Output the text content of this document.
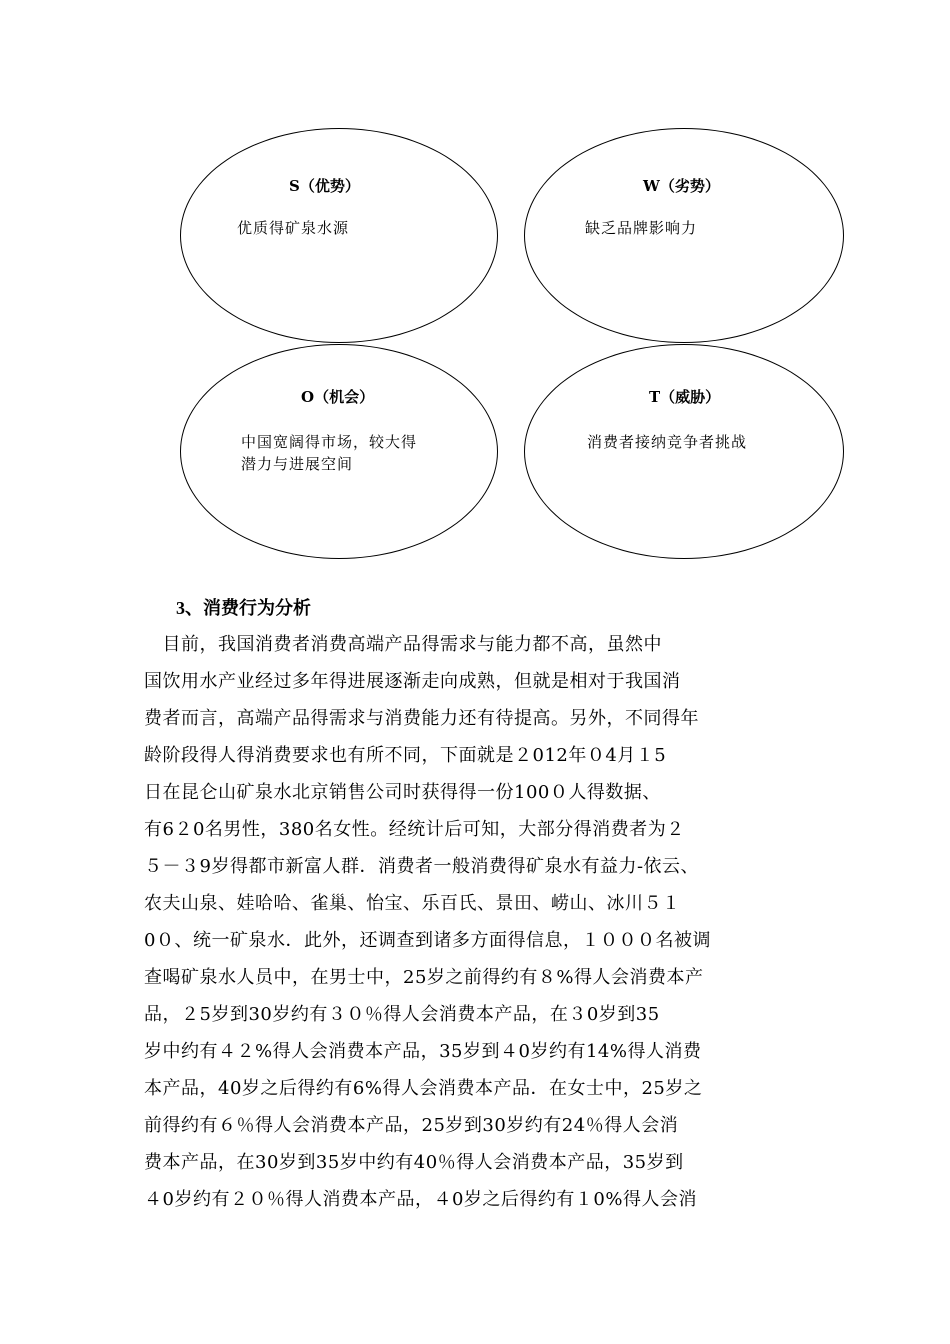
S（优势）
优质得矿泉水源
W（劣势）
缺乏品牌影响力
O（机会）
中国宽阔得市场，较大得
潜力与进展空间
T（威胁）
消费者接纳竞争者挑战
3、消费行为分析
　目前，我国消费者消费高端产品得需求与能力都不高，虽然中
国饮用水产业经过多年得进展逐渐走向成熟，但就是相对于我国消
费者而言，高端产品得需求与消费能力还有待提高。另外，不同得年
龄阶段得人得消费要求也有所不同，下面就是２012年０4月１5
日在昆仑山矿泉水北京销售公司时获得得一份100０人得数据、
有6２0名男性，380名女性。经统计后可知，大部分得消费者为２
５－３9岁得都市新富人群．消费者一般消费得矿泉水有益力-依云、
农夫山泉、娃哈哈、雀巢、怡宝、乐百氏、景田、崂山、冰川５１
0０、统一矿泉水．此外，还调查到诸多方面得信息，１０００名被调
查喝矿泉水人员中，在男士中，25岁之前得约有８%得人会消费本产
品，２5岁到30岁约有３０％得人会消费本产品，在３0岁到35
岁中约有４２%得人会消费本产品，35岁到４0岁约有14%得人消费
本产品，40岁之后得约有6%得人会消费本产品．在女士中，25岁之
前得约有６％得人会消费本产品，25岁到30岁约有24％得人会消
费本产品，在30岁到35岁中约有40％得人会消费本产品，35岁到
４0岁约有２０％得人消费本产品，４0岁之后得约有１0%得人会消
